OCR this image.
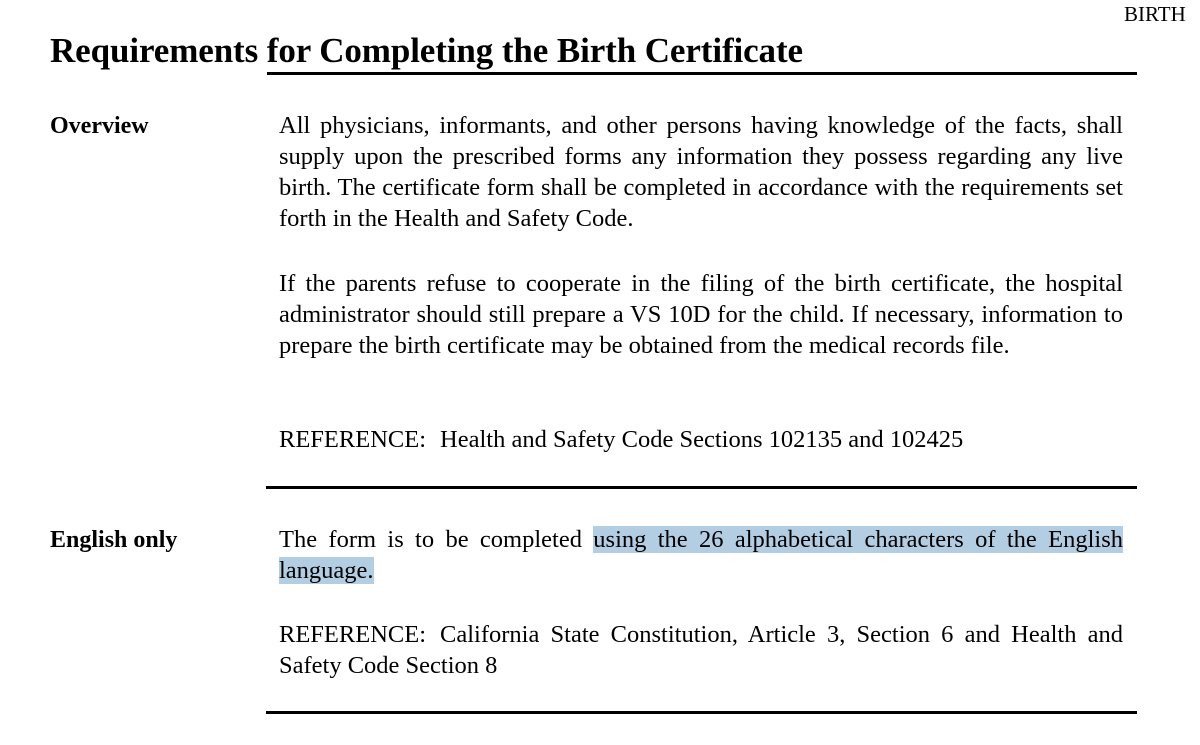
BIRTH
Requirements for Completing the Birth Certificate

Overview	All physicians, informants, and other persons having knowledge of the facts, shall supply upon the prescribed forms any information they possess regarding any live birth. The certificate form shall be completed in accordance with the requirements set forth in the Health and Safety Code.

If the parents refuse to cooperate in the filing of the birth certificate, the hospital administrator should still prepare a VS 10D for the child. If necessary, information to prepare the birth certificate may be obtained from the medical records file.

REFERENCE: Health and Safety Code Sections 102135 and 102425

English only	The form is to be completed using the 26 alphabetical characters of the English language.

REFERENCE: California State Constitution, Article 3, Section 6 and Health and Safety Code Section 8
